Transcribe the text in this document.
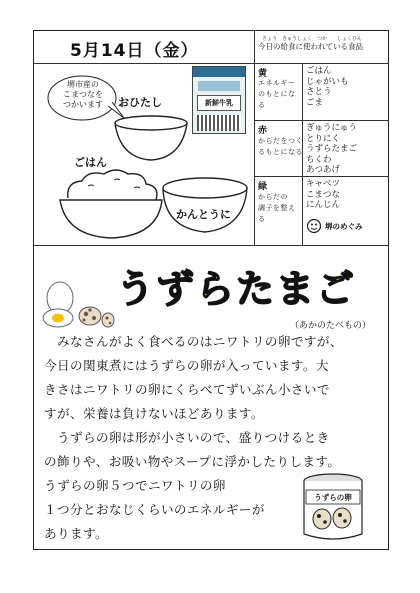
5月14日（金）
きょう　きゅうしょく　つか　　しょくひん
今日の給食に使われている食品
堺市産の
こまつなを
つかいます	新鮮牛乳
おひたし
ごはん
かんとうに
黄
エネルギー
のもとにな
る
ごはん
じゃがいも
さとう
ごま
赤
からだをつく
るもとになる
ぎゅうにゅう
とりにく
うずらたまご
ちくわ
あつあげ
緑
からだの
調子を整え
る
キャベツ
こまつな
にんじん
堺のめぐみ
うずらたまご
（あかのたべもの）
　みなさんがよく食べるのはニワトリの卵ですが、
今日の関東煮にはうずらの卵が入っています。大
きさはニワトリの卵にくらべてずいぶん小さいで
すが、栄養は負けないほどあります。
　うずらの卵は形が小さいので、盛りつけるとき
の飾りや、お吸い物やスープに浮かしたりします。
うずらの卵５つでニワトリの卵
１つ分とおなじくらいのエネルギーが
あります。
うずらの卵
